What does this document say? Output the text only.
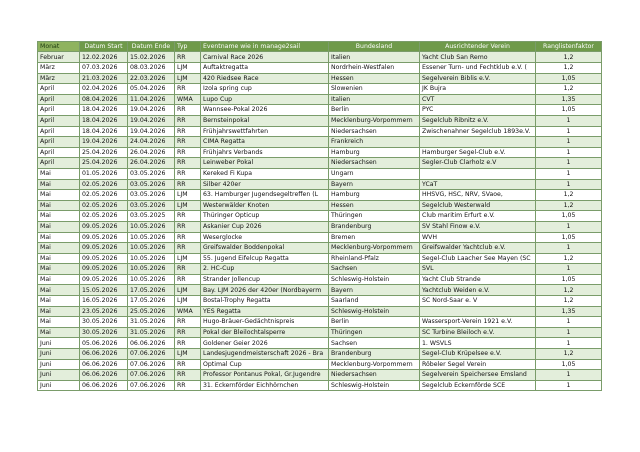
Monat	Datum Start	Datum Ende	Typ	Eventname wie in manage2sail	Bundesland	Ausrichtender Verein	Ranglistenfaktor
Februar	12.02.2026	15.02.2026	RR	Carnival Race 2026	Italien	Yacht Club San Remo	1,2
März	07.03.2026	08.03.2026	LJM	Auftaktregatta	Nordrhein-Westfalen	Essener Turn- und Fechtklub e.V. (	1,2
März	21.03.2026	22.03.2026	LJM	420 Riedsee Race	Hessen	Segelverein Biblis e.V.	1,05
April	02.04.2026	05.04.2026	RR	Izola spring cup	Slowenien	JK Bujra	1,2
April	08.04.2026	11.04.2026	WMA	Lupo Cup	Italien	CVT	1,35
April	18.04.2026	19.04.2026	RR	Wannsee-Pokal 2026	Berlin	PYC	1,05
April	18.04.2026	19.04.2026	RR	Bernsteinpokal	Mecklenburg-Vorpommern	Segelclub Ribnitz e.V.	1
April	18.04.2026	19.04.2026	RR	Frühjahrswettfahrten	Niedersachsen	Zwischenahner Segelclub 1893e.V.	1
April	19.04.2026	24.04.2026	RR	CIMA Regatta	Frankreich		1
April	25.04.2026	26.04.2026	RR	Frühjahrs Verbands	Hamburg	Hamburger Segel-Club e.V.	1
April	25.04.2026	26.04.2026	RR	Leinweber Pokal	Niedersachsen	Segler-Club Clarholz e.V	1
Mai	01.05.2026	03.05.2026	RR	Kereked Fi Kupa	Ungarn		1
Mai	02.05.2026	03.05.2026	RR	Silber 420er	Bayern	YCaT	1
Mai	02.05.2026	03.05.2026	LJM	63. Hamburger Jugendsegeltreffen (L	Hamburg	HHSVG, HSC, NRV, SVaoe,	1,2
Mai	02.05.2026	03.05.2026	LJM	Westerwälder Knoten	Hessen	Segelclub Westerwald	1,2
Mai	02.05.2026	03.05.2025	RR	Thüringer Opticup	Thüringen	Club maritim Erfurt e.V.	1,05
Mai	09.05.2026	10.05.2026	RR	Askanier Cup 2026	Brandenburg	SV Stahl Finow e.V.	1
Mai	09.05.2026	10.05.2026	RR	Weserglocke	Bremen	WVH	1,05
Mai	09.05.2026	10.05.2026	RR	Greifswalder Boddenpokal	Mecklenburg-Vorpommern	Greifswalder Yachtclub e.V.	1
Mai	09.05.2026	10.05.2026	LJM	55. Jugend Eifelcup Regatta	Rheinland-Pfalz	Segel-Club Laacher See Mayen (SC	1,2
Mai	09.05.2026	10.05.2026	RR	2. HC-Cup	Sachsen	SVL	1
Mai	09.05.2026	10.05.2026	RR	Strander Jollencup	Schleswig-Holstein	Yacht Club Strande	1,05
Mai	15.05.2026	17.05.2026	LJM	Bay. LJM 2026 der 420er (Nordbayerm	Bayern	Yachtclub Weiden e.V.	1,2
Mai	16.05.2026	17.05.2026	LJM	Bostal-Trophy Regatta	Saarland	SC Nord-Saar e. V	1,2
Mai	23.05.2026	25.05.2026	WMA	YES Regatta	Schleswig-Holstein		1,35
Mai	30.05.2026	31.05.2026	RR	Hugo-Bräuer-Gedächtnispreis	Berlin	Wassersport-Verein 1921 e.V.	1
Mai	30.05.2026	31.05.2026	RR	Pokal der Bleilochtalsperre	Thüringen	SC Turbine Bleiloch e.V.	1
Juni	05.06.2026	06.06.2026	RR	Goldener Geier 2026	Sachsen	1. WSVLS	1
Juni	06.06.2026	07.06.2026	LJM	Landesjugendmeisterschaft 2026 - Bra	Brandenburg	Segel-Club Krüpelsee e.V.	1,2
Juni	06.06.2026	07.06.2026	RR	Optimal Cup	Mecklenburg-Vorpommern	Röbeler Segel Verein	1,05
Juni	06.06.2026	07.06.2026	RR	Professor Pontanus Pokal, Gr.Jugendre	Niedersachsen	Segelverein Speichersee Emsland	1
Juni	06.06.2026	07.06.2026	RR	31. Eckernförder Eichhörnchen	Schleswig-Holstein	Segelclub Eckernförde SCE	1
